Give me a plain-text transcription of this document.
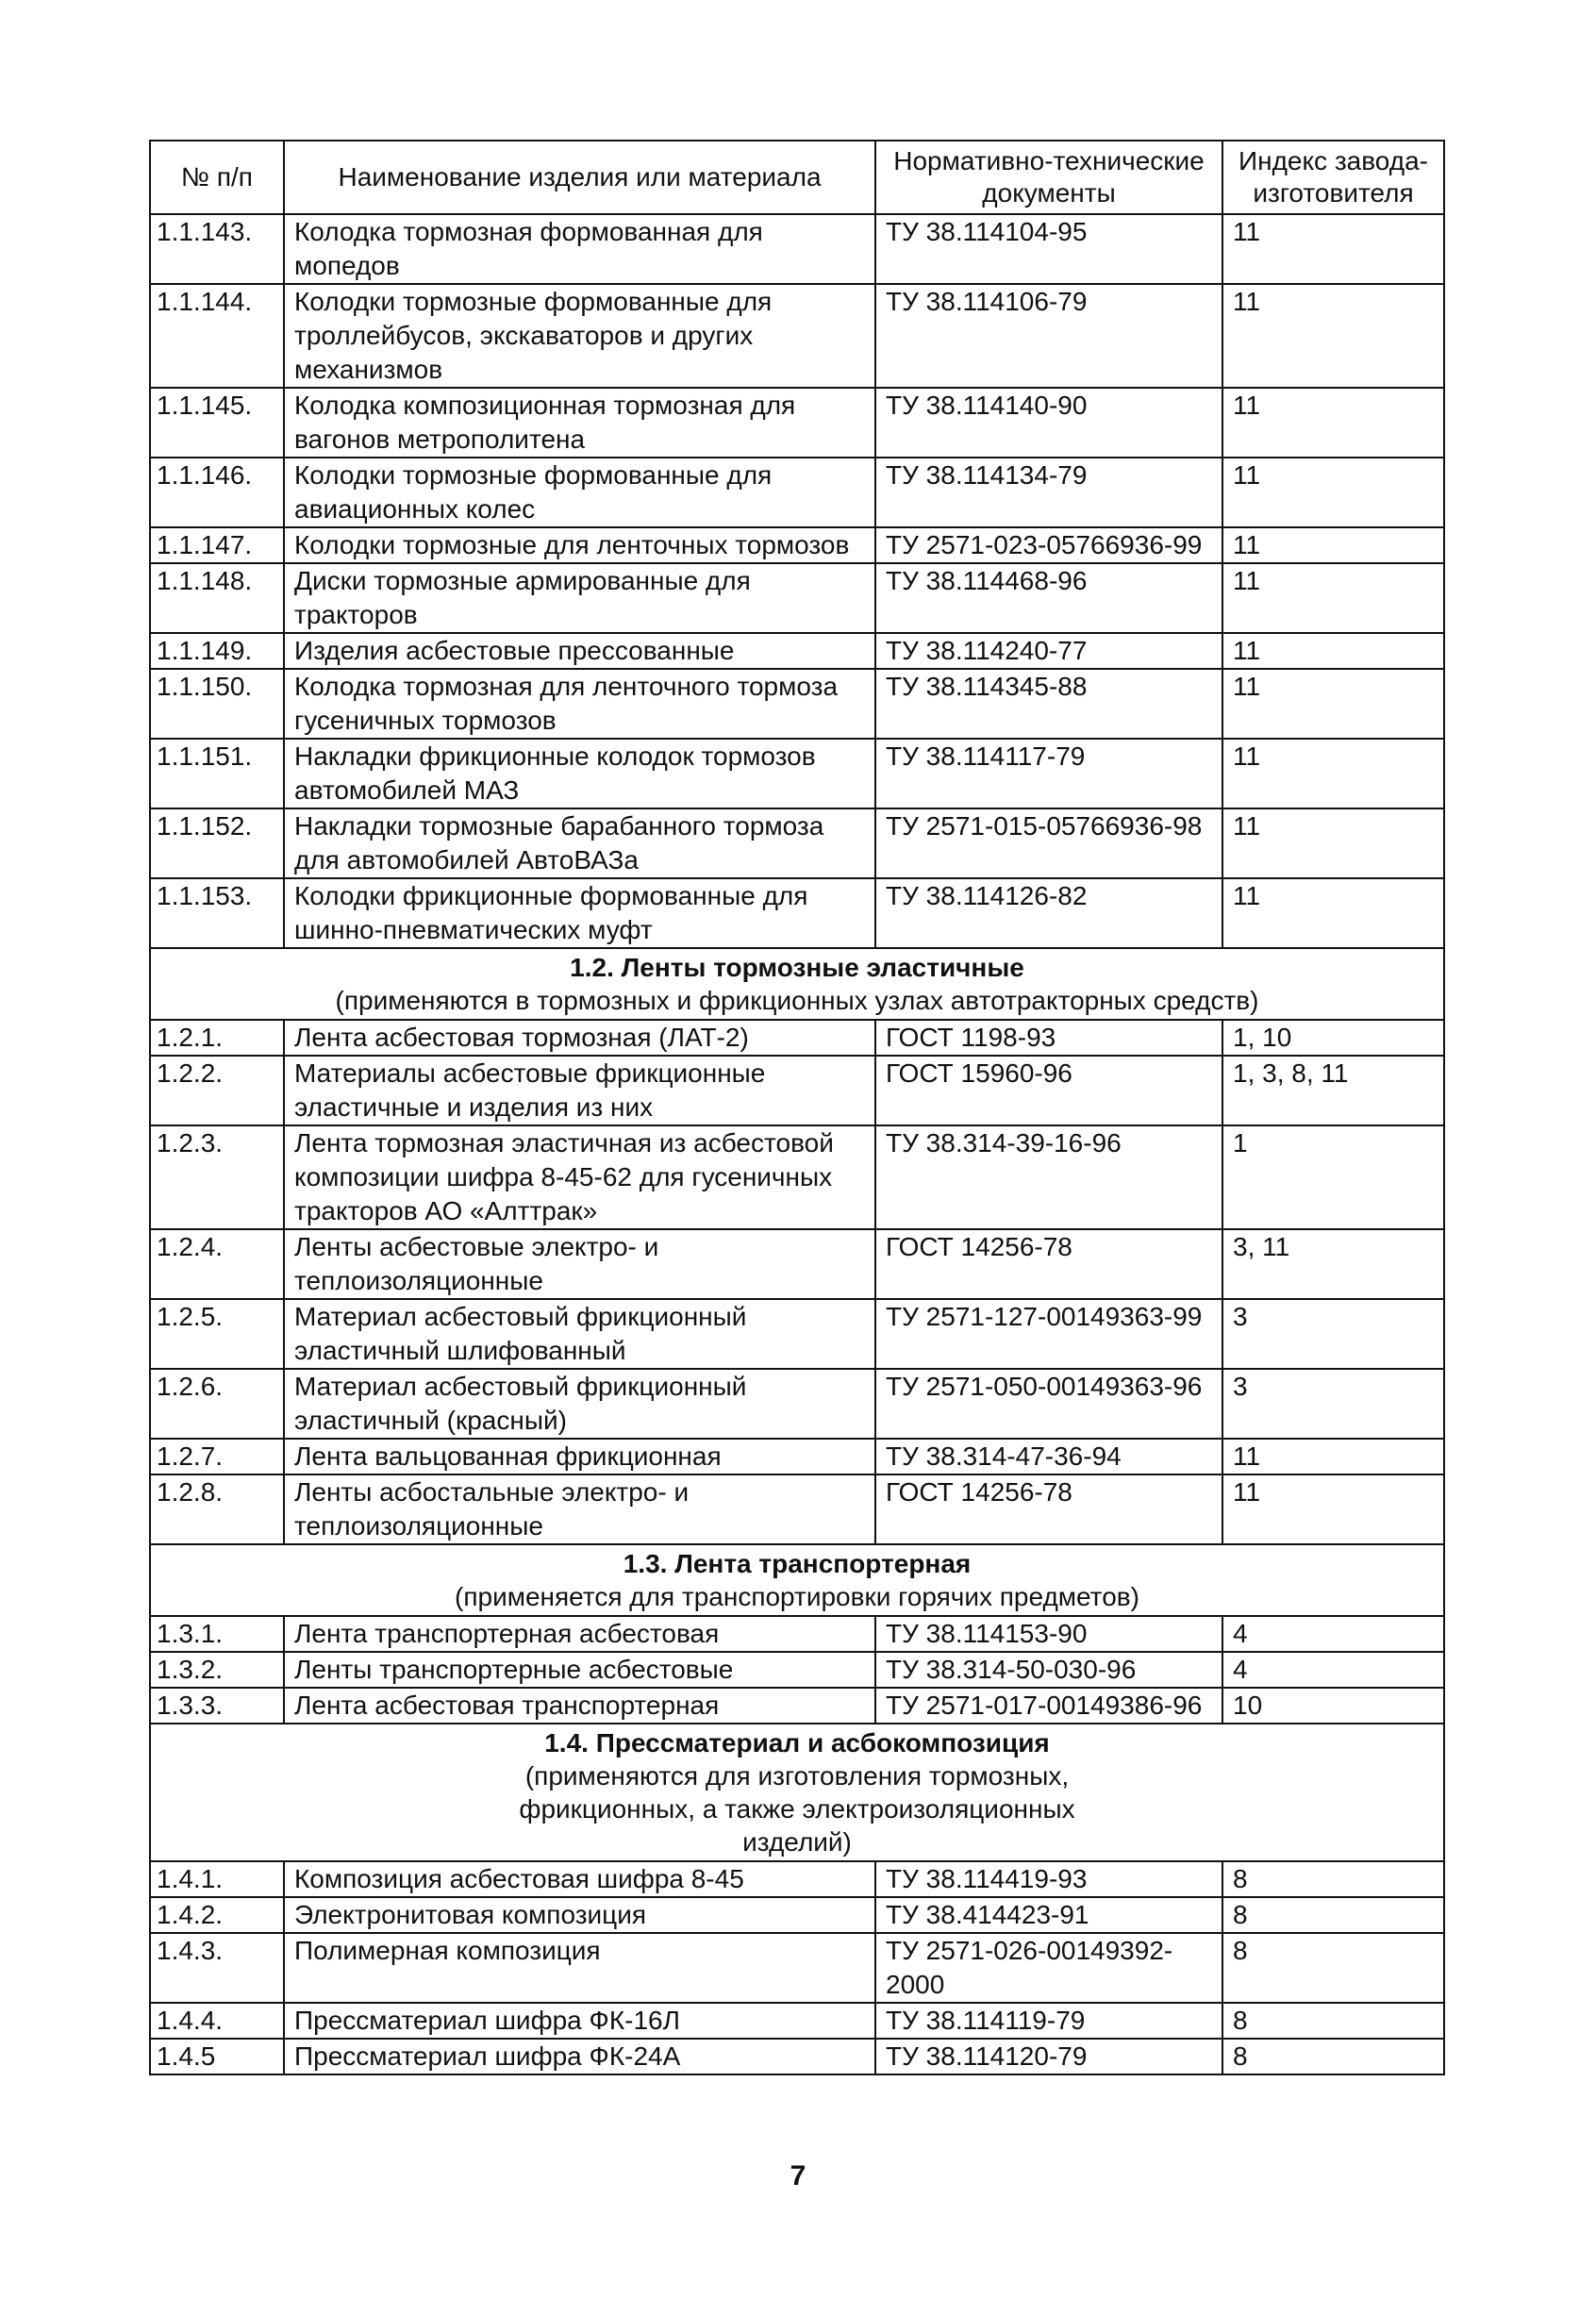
№ п/п	Наименование изделия или материала	Нормативно-технические документы	Индекс завода-изготовителя
1.1.143.	Колодка тормозная формованная для мопедов	ТУ 38.114104-95	11
1.1.144.	Колодки тормозные формованные для троллейбусов, экскаваторов и других механизмов	ТУ 38.114106-79	11
1.1.145.	Колодка композиционная тормозная для вагонов метрополитена	ТУ 38.114140-90	11
1.1.146.	Колодки тормозные формованные для авиационных колес	ТУ 38.114134-79	11
1.1.147.	Колодки тормозные для ленточных тормозов	ТУ 2571-023-05766936-99	11
1.1.148.	Диски тормозные армированные для тракторов	ТУ 38.114468-96	11
1.1.149.	Изделия асбестовые прессованные	ТУ 38.114240-77	11
1.1.150.	Колодка тормозная для ленточного тормоза гусеничных тормозов	ТУ 38.114345-88	11
1.1.151.	Накладки фрикционные колодок тормозов автомобилей МАЗ	ТУ 38.114117-79	11
1.1.152.	Накладки тормозные барабанного тормоза для автомобилей АвтоВАЗа	ТУ 2571-015-05766936-98	11
1.1.153.	Колодки фрикционные формованные для шинно-пневматических муфт	ТУ 38.114126-82	11

1.2. Ленты тормозные эластичные
(применяются в тормозных и фрикционных узлах автотракторных средств)			

1.2.1.	Лента асбестовая тормозная (ЛАТ-2)	ГОСТ 1198-93	1, 10
1.2.2.	Материалы асбестовые фрикционные эластичные и изделия из них	ГОСТ 15960-96	1, 3, 8, 11
1.2.3.	Лента тормозная эластичная из асбестовой композиции шифра 8-45-62 для гусеничных тракторов АО «Алттрак»	ТУ 38.314-39-16-96	1
1.2.4.	Ленты асбестовые электро- и теплоизоляционные	ГОСТ 14256-78	3, 11
1.2.5.	Материал асбестовый фрикционный эластичный шлифованный	ТУ 2571-127-00149363-99	3
1.2.6.	Материал асбестовый фрикционный эластичный (красный)	ТУ 2571-050-00149363-96	3
1.2.7.	Лента вальцованная фрикционная	ТУ 38.314-47-36-94	11
1.2.8.	Ленты асбостальные электро- и теплоизоляционные	ГОСТ 14256-78	11

1.3. Лента транспортерная
(применяется для транспортировки горячих предметов)			

1.3.1.	Лента транспортерная асбестовая	ТУ 38.114153-90	4
1.3.2.	Ленты транспортерные асбестовые	ТУ 38.314-50-030-96	4
1.3.3.	Лента асбестовая транспортерная	ТУ 2571-017-00149386-96	10

1.4. Прессматериал и асбокомпозиция
(применяются для изготовления тормозных, фрикционных, а также электроизоляционных изделий)			

1.4.1.	Композиция асбестовая шифра 8-45	ТУ 38.114419-93	8
1.4.2.	Электронитовая композиция	ТУ 38.414423-91	8
1.4.3.	Полимерная композиция	ТУ 2571-026-00149392-2000	8
1.4.4.	Прессматериал шифра ФК-16Л	ТУ 38.114119-79	8
1.4.5	Прессматериал шифра ФК-24А	ТУ 38.114120-79	8
7
